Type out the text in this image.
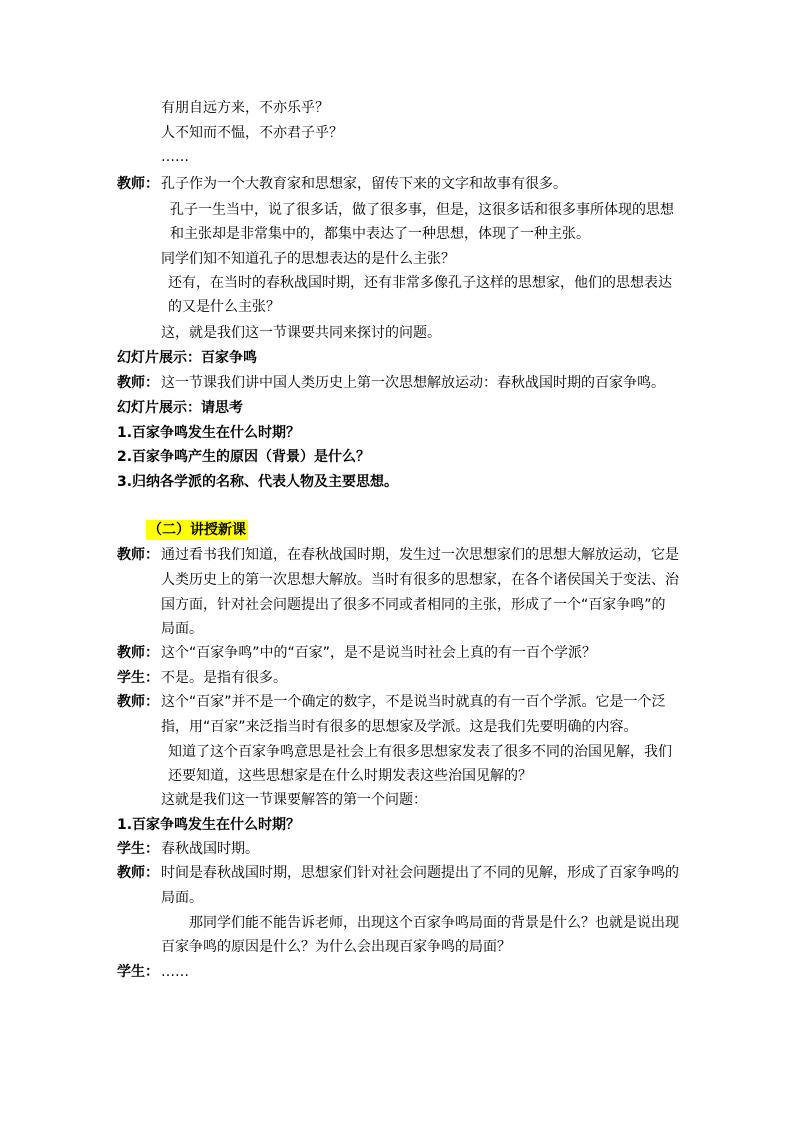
有朋自远方来，不亦乐乎？
人不知而不愠，不亦君子乎？
……
教师： 孔子作为一个大教育家和思想家，留传下来的文字和故事有很多。
孔子一生当中，说了很多话，做了很多事，但是，这很多话和很多事所体现的思想
和主张却是非常集中的，都集中表达了一种思想，体现了一种主张。
同学们知不知道孔子的思想表达的是什么主张？
还有，在当时的春秋战国时期，还有非常多像孔子这样的思想家，他们的思想表达
的又是什么主张？
这，就是我们这一节课要共同来探讨的问题。
幻灯片展示：百家争鸣
教师： 这一节课我们讲中国人类历史上第一次思想解放运动：春秋战国时期的百家争鸣。
幻灯片展示：请思考
1.百家争鸣发生在什么时期？
2.百家争鸣产生的原因（背景）是什么？
3.归纳各学派的名称、代表人物及主要思想。
（二）讲授新课
教师： 通过看书我们知道，在春秋战国时期，发生过一次思想家们的思想大解放运动，它是
人类历史上的第一次思想大解放。当时有很多的思想家，在各个诸侯国关于变法、治
国方面，针对社会问题提出了很多不同或者相同的主张，形成了一个“百家争鸣”的
局面。
教师： 这个“百家争鸣”中的“百家”，是不是说当时社会上真的有一百个学派？
学生： 不是。是指有很多。
教师： 这个“百家”并不是一个确定的数字，不是说当时就真的有一百个学派。它是一个泛
指，用“百家”来泛指当时有很多的思想家及学派。这是我们先要明确的内容。
知道了这个百家争鸣意思是社会上有很多思想家发表了很多不同的治国见解，我们
还要知道，这些思想家是在什么时期发表这些治国见解的？
这就是我们这一节课要解答的第一个问题：
1.百家争鸣发生在什么时期？
学生： 春秋战国时期。
教师： 时间是春秋战国时期，思想家们针对社会问题提出了不同的见解，形成了百家争鸣的
局面。
那同学们能不能告诉老师，出现这个百家争鸣局面的背景是什么？也就是说出现
百家争鸣的原因是什么？为什么会出现百家争鸣的局面？
学生： ……
